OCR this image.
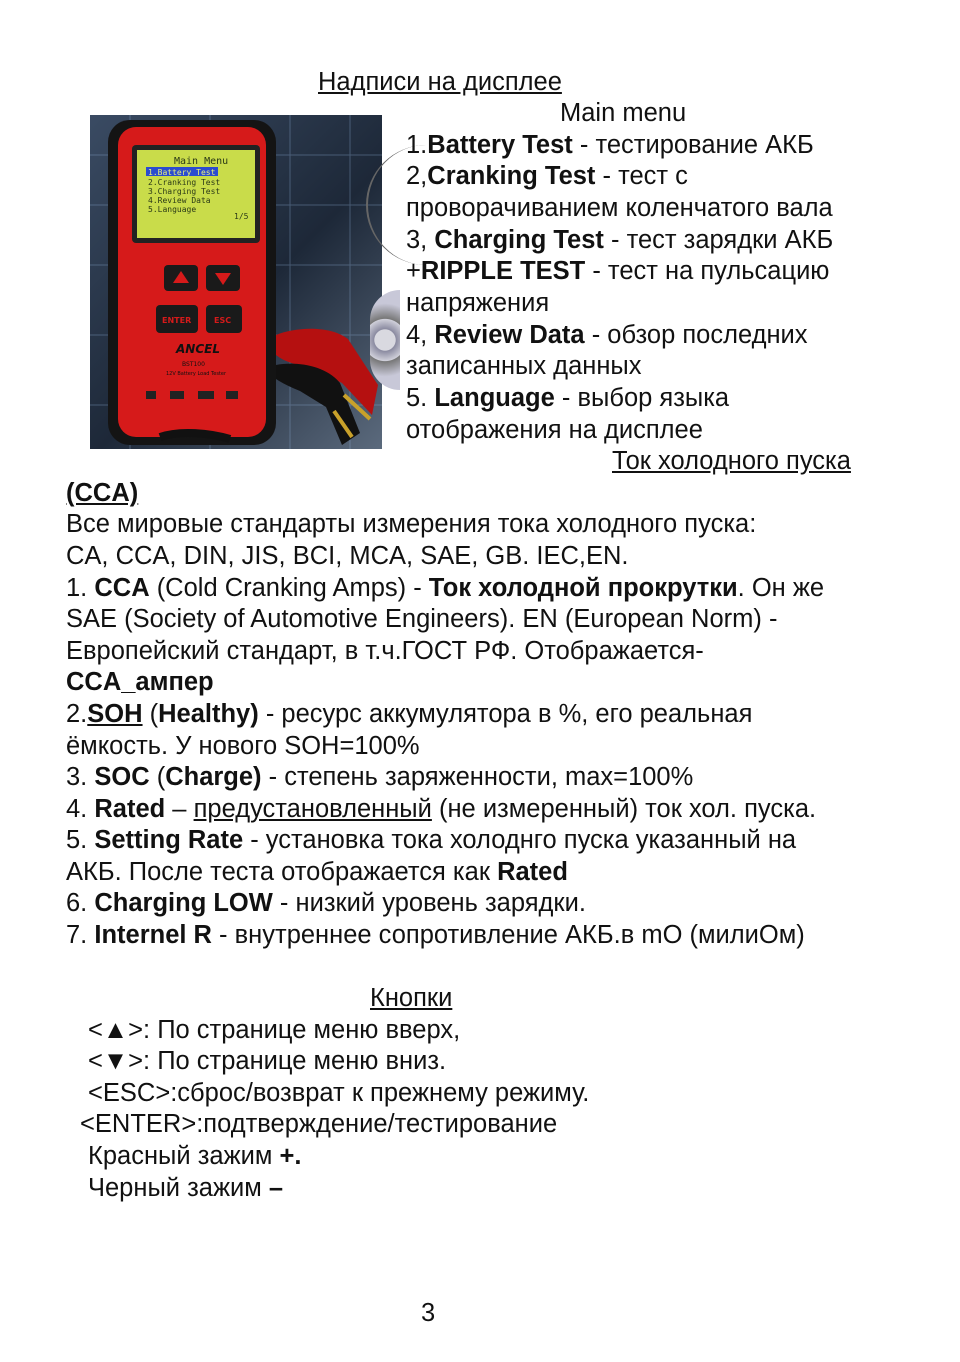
Надписи на дисплее
Main menu
Main Menu
1.Battery Test
2.Cranking Test
3.Charging Test
4.Review Data
5.Language
1/5
ENTER	ESC
ANCEL
BST100
12V Battery Load Tester
1.Battery Test - тестирование АКБ
2,Cranking Test - тест с
проворачиванием коленчатого вала
3, Charging Test - тест зарядки АКБ
+RIPPLE TEST - тест на пульсацию
напряжения
4, Review Data - обзор последних
записанных данных
5. Language - выбор языка
отображения на дисплее
Ток холодного пуска
(CCA)
Все мировые стандарты измерения тока холодного пуска:
CA, CCA, DIN, JIS, BCI, MCA, SAE, GB. IEC,EN.
1. CCA (Cold Cranking Amps) - Ток холодной прокрутки. Он же
SAE (Society of Automotive Engineers). EN (European Norm) -
Европейский стандарт, в т.ч.ГОСТ РФ. Отображается-
CCA_ампер
2.SOH (Healthy) - ресурс аккумулятора в %, его реальная
ёмкость. У нового SOH=100%
3. SOC (Charge) - степень заряженности, max=100%
4. Rated – предустановленный (не измеренный) ток хол. пуска.
5. Setting Rate - установка тока холоднго пуска указанный на
АКБ. После теста отображается как Rated
6. Charging LOW - низкий уровень зарядки.
7. Internel R - внутреннее сопротивление АКБ.в mO (милиОм)
Кнопки
<▲>: По странице меню вверх,
<▼>: По странице меню вниз.
<ESC>:сброс/возврат к прежнему режиму.
<ENTER>:подтверждение/тестирование
Красный зажим +.
Черный зажим –
3
